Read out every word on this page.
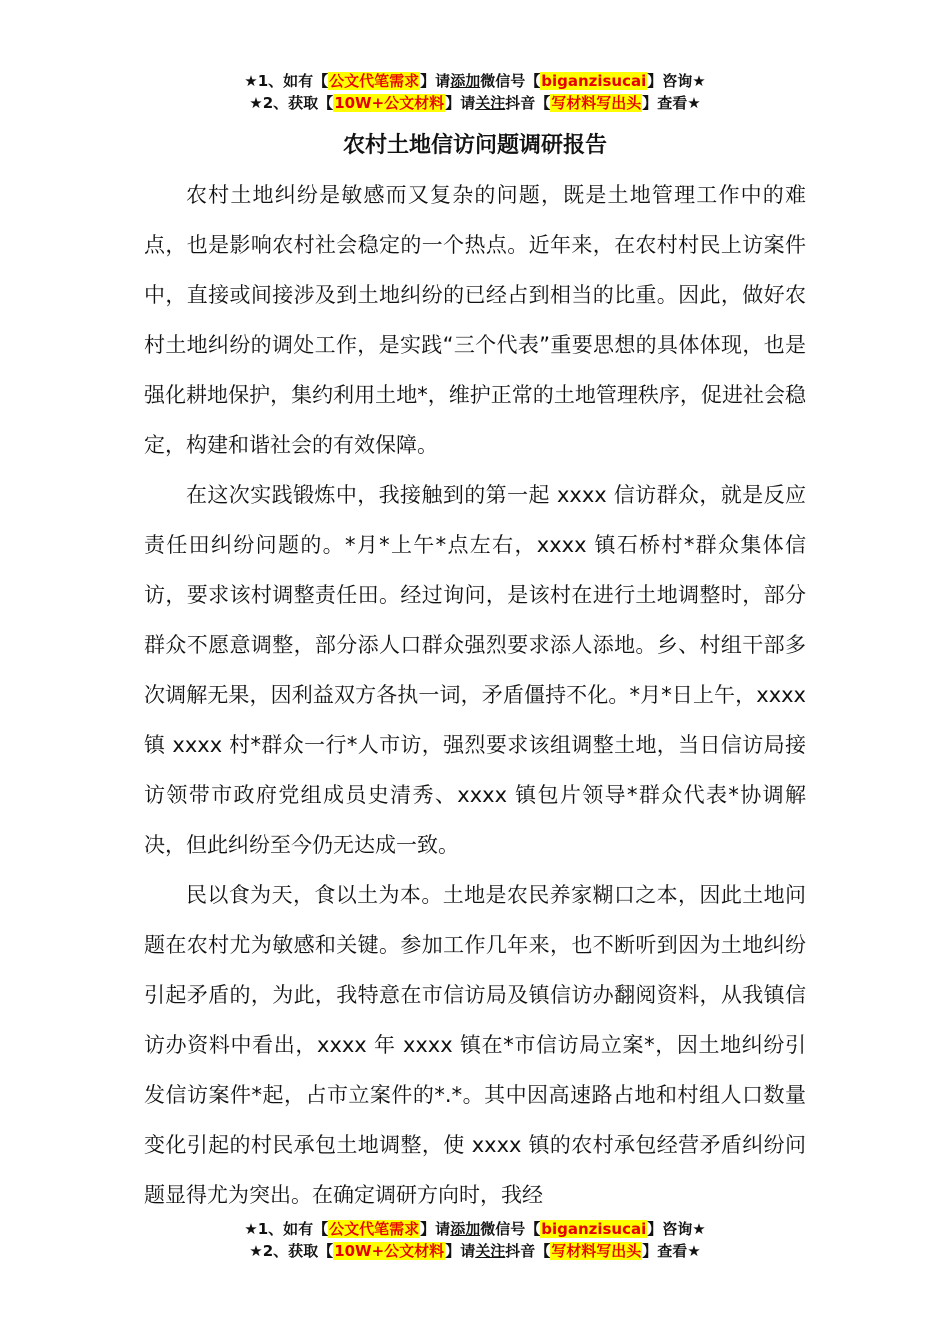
★1、如有【公文代笔需求】请添加微信号【biganzisucai】咨询★
★2、获取【10W+公文材料】请关注抖音【写材料写出头】查看★
农村土地信访问题调研报告

农村土地纠纷是敏感而又复杂的问题，既是土地管理工作中的难点，也是影响农村社会稳定的一个热点。近年来，在农村村民上访案件中，直接或间接涉及到土地纠纷的已经占到相当的比重。因此，做好农村土地纠纷的调处工作，是实践“三个代表”重要思想的具体体现，也是强化耕地保护，集约利用土地*，维护正常的土地管理秩序，促进社会稳定，构建和谐社会的有效保障。

在这次实践锻炼中，我接触到的第一起 xxxx 信访群众，就是反应责任田纠纷问题的。*月*上午*点左右，xxxx 镇石桥村*群众集体信访，要求该村调整责任田。经过询问，是该村在进行土地调整时，部分群众不愿意调整，部分添人口群众强烈要求添人添地。乡、村组干部多次调解无果，因利益双方各执一词，矛盾僵持不化。*月*日上午，xxxx 镇 xxxx 村*群众一行*人市访，强烈要求该组调整土地，当日信访局接访领带市政府党组成员史清秀、xxxx 镇包片领导*群众代表*协调解决，但此纠纷至今仍无达成一致。

民以食为天，食以土为本。土地是农民养家糊口之本，因此土地问题在农村尤为敏感和关键。参加工作几年来，也不断听到因为土地纠纷引起矛盾的，为此，我特意在市信访局及镇信访办翻阅资料，从我镇信访办资料中看出，xxxx 年 xxxx 镇在*市信访局立案*，因土地纠纷引发信访案件*起，占市立案件的*.*。其中因高速路占地和村组人口数量变化引起的村民承包土地调整，使 xxxx 镇的农村承包经营矛盾纠纷问题显得尤为突出。在确定调研方向时，我经

★1、如有【公文代笔需求】请添加微信号【biganzisucai】咨询★
★2、获取【10W+公文材料】请关注抖音【写材料写出头】查看★
